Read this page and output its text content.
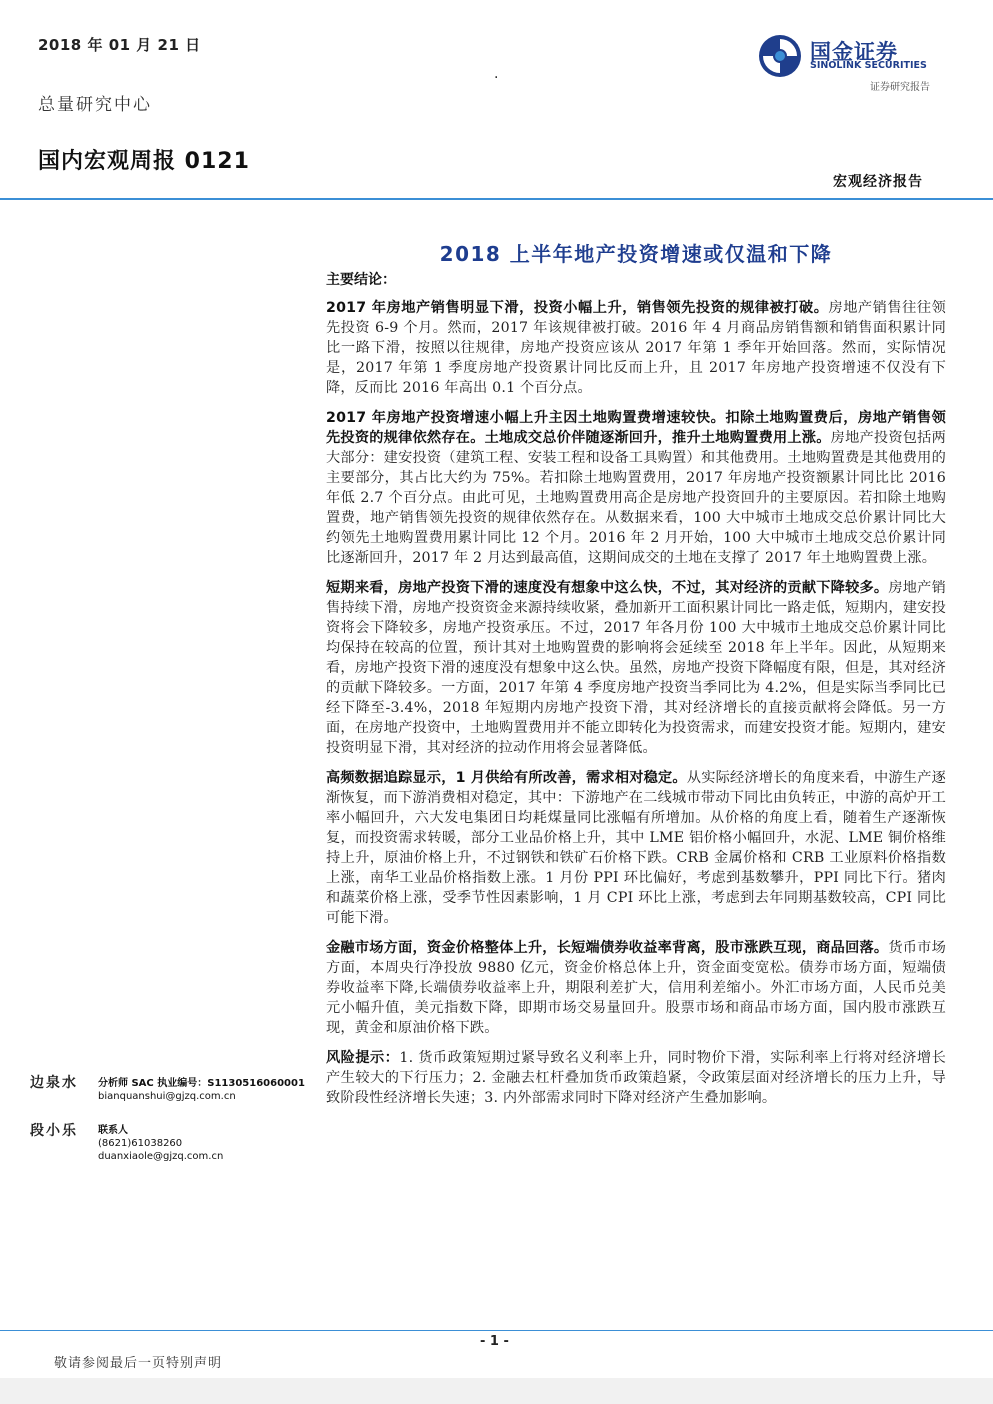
2018 年 01 月 21 日
.
总量研究中心
国内宏观周报 0121
国金证券
SINOLINK SECURITIES
证券研究报告
宏观经济报告
2018 上半年地产投资增速或仅温和下降
主要结论：

2017 年房地产销售明显下滑，投资小幅上升，销售领先投资的规律被打破。房地产销售往往领先投资 6-9 个月。然而，2017 年该规律被打破。2016 年 4 月商品房销售额和销售面积累计同比一路下滑，按照以往规律，房地产投资应该从 2017 年第 1 季年开始回落。然而，实际情况是，2017 年第 1 季度房地产投资累计同比反而上升，且 2017 年房地产投资增速不仅没有下降，反而比 2016 年高出 0.1 个百分点。

2017 年房地产投资增速小幅上升主因土地购置费增速较快。扣除土地购置费后，房地产销售领先投资的规律依然存在。土地成交总价伴随逐渐回升，推升土地购置费用上涨。房地产投资包括两大部分：建安投资（建筑工程、安装工程和设备工具购置）和其他费用。土地购置费是其他费用的主要部分，其占比大约为 75%。若扣除土地购置费用，2017 年房地产投资额累计同比比 2016 年低 2.7 个百分点。由此可见，土地购置费用高企是房地产投资回升的主要原因。若扣除土地购置费，地产销售领先投资的规律依然存在。从数据来看，100 大中城市土地成交总价累计同比大约领先土地购置费用累计同比 12 个月。2016 年 2 月开始，100 大中城市土地成交总价累计同比逐渐回升，2017 年 2 月达到最高值，这期间成交的土地在支撑了 2017 年土地购置费上涨。

短期来看，房地产投资下滑的速度没有想象中这么快，不过，其对经济的贡献下降较多。房地产销售持续下滑，房地产投资资金来源持续收紧，叠加新开工面积累计同比一路走低，短期内，建安投资将会下降较多，房地产投资承压。不过，2017 年各月份 100 大中城市土地成交总价累计同比均保持在较高的位置，预计其对土地购置费的影响将会延续至 2018 年上半年。因此，从短期来看，房地产投资下滑的速度没有想象中这么快。虽然，房地产投资下降幅度有限，但是，其对经济的贡献下降较多。一方面，2017 年第 4 季度房地产投资当季同比为 4.2%，但是实际当季同比已经下降至-3.4%，2018 年短期内房地产投资下滑，其对经济增长的直接贡献将会降低。另一方面，在房地产投资中，土地购置费用并不能立即转化为投资需求，而建安投资才能。短期内，建安投资明显下滑，其对经济的拉动作用将会显著降低。

高频数据追踪显示，1 月供给有所改善，需求相对稳定。从实际经济增长的角度来看，中游生产逐渐恢复，而下游消费相对稳定，其中：下游地产在二线城市带动下同比由负转正，中游的高炉开工率小幅回升，六大发电集团日均耗煤量同比涨幅有所增加。从价格的角度上看，随着生产逐渐恢复，而投资需求转暖，部分工业品价格上升，其中 LME 铝价格小幅回升，水泥、LME 铜价格维持上升，原油价格上升，不过钢铁和铁矿石价格下跌。CRB 金属价格和 CRB 工业原料价格指数上涨，南华工业品价格指数上涨。1 月份 PPI 环比偏好，考虑到基数攀升，PPI 同比下行。猪肉和蔬菜价格上涨，受季节性因素影响，1 月 CPI 环比上涨，考虑到去年同期基数较高，CPI 同比可能下滑。

金融市场方面，资金价格整体上升，长短端债券收益率背离，股市涨跌互现，商品回落。货币市场方面，本周央行净投放 9880 亿元，资金价格总体上升，资金面变宽松。债券市场方面，短端债券收益率下降,长端债券收益率上升，期限利差扩大，信用利差缩小。外汇市场方面，人民币兑美元小幅升值，美元指数下降，即期市场交易量回升。股票市场和商品市场方面，国内股市涨跌互现，黄金和原油价格下跌。

风险提示：1. 货币政策短期过紧导致名义利率上升，同时物价下滑，实际利率上行将对经济增长产生较大的下行压力；2. 金融去杠杆叠加货币政策趋紧，令政策层面对经济增长的压力上升，导致阶段性经济增长失速；3. 内外部需求同时下降对经济产生叠加影响。

边泉水 分析师 SAC 执业编号：S1130516060001
bianquanshui@gjzq.com.cn
段小乐 联系人
(8621)61038260
duanxiaole@gjzq.com.cn
- 1 -
敬请参阅最后一页特别声明
